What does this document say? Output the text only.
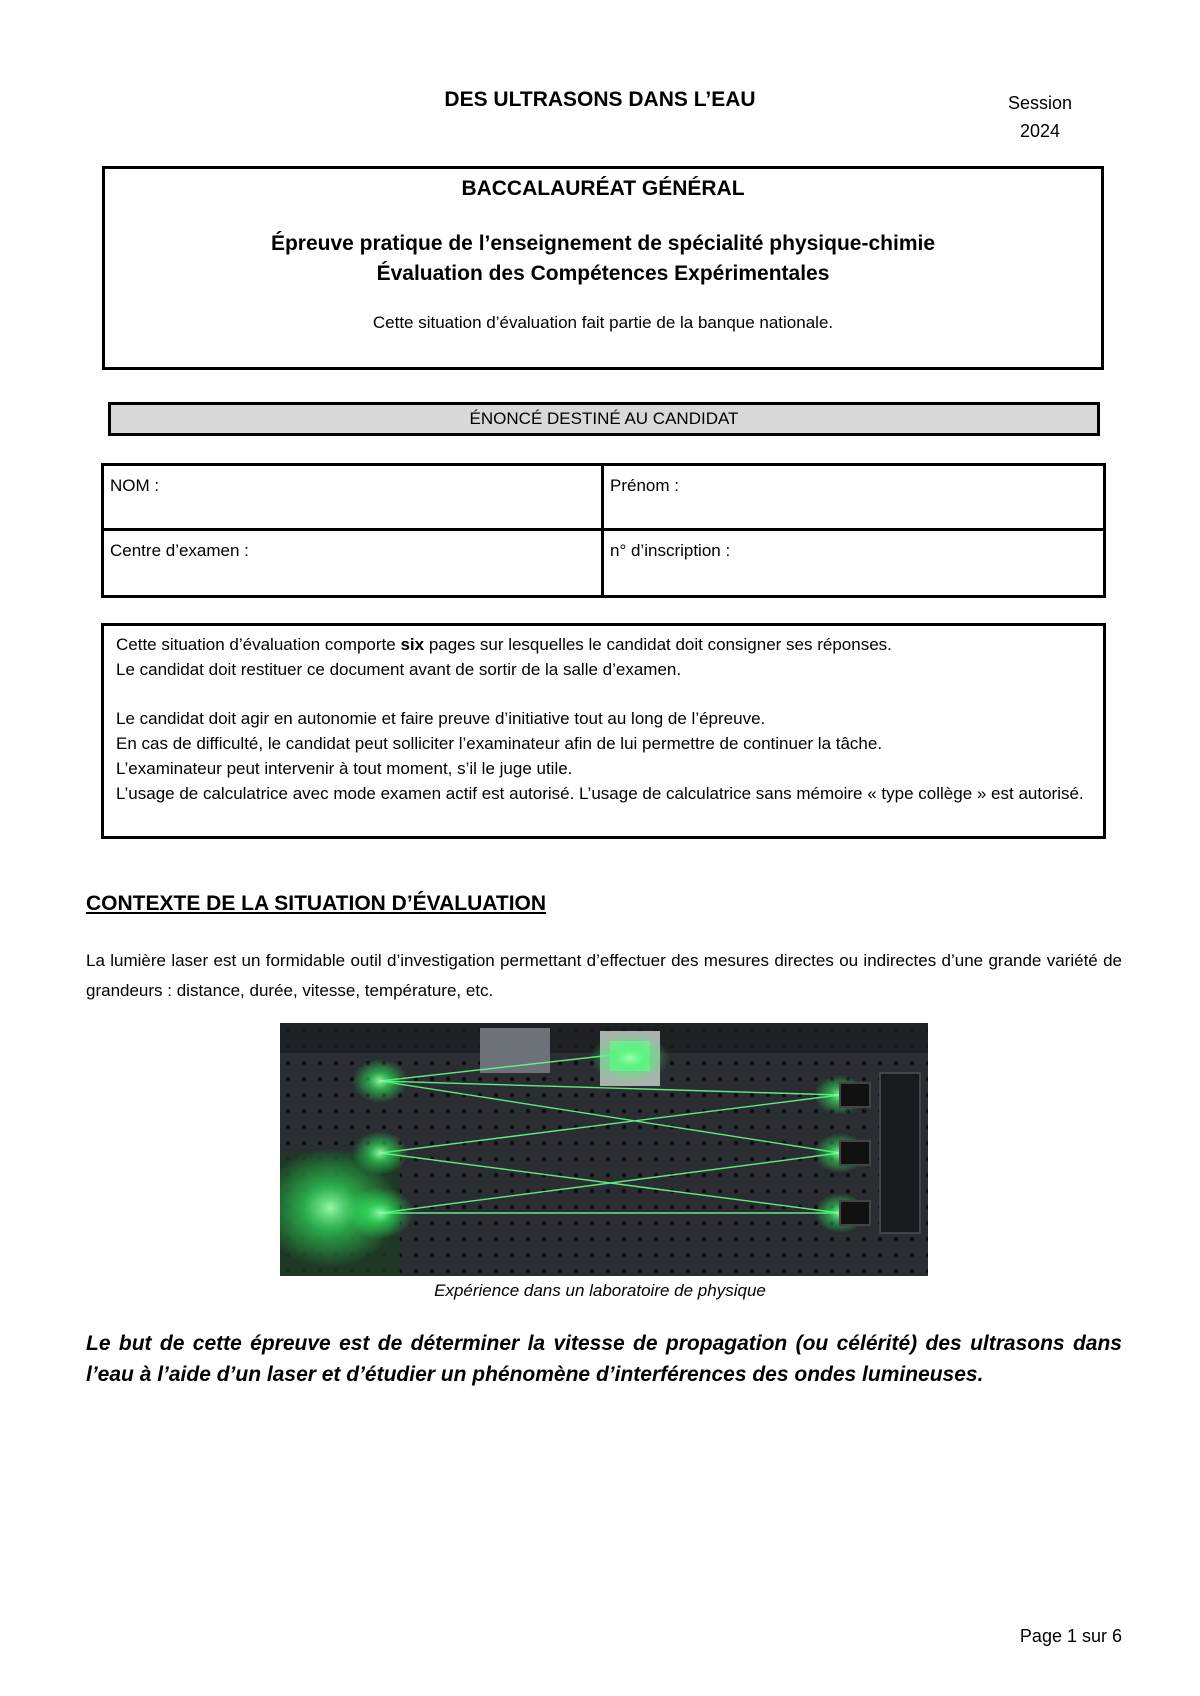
DES ULTRASONS DANS L’EAU	Session
2024
BACCALAURÉAT GÉNÉRAL
Épreuve pratique de l’enseignement de spécialité physique-chimie
Évaluation des Compétences Expérimentales
Cette situation d’évaluation fait partie de la banque nationale.
ÉNONCÉ DESTINÉ AU CANDIDAT
NOM :	Prénom :
Centre d’examen :	n° d’inscription :

Cette situation d’évaluation comporte six pages sur lesquelles le candidat doit consigner ses réponses.

Le candidat doit restituer ce document avant de sortir de la salle d’examen.

Le candidat doit agir en autonomie et faire preuve d’initiative tout au long de l’épreuve.

En cas de difficulté, le candidat peut solliciter l’examinateur afin de lui permettre de continuer la tâche.

L’examinateur peut intervenir à tout moment, s’il le juge utile.

L’usage de calculatrice avec mode examen actif est autorisé. L’usage de calculatrice sans mémoire « type collège » est autorisé.

CONTEXTE DE LA SITUATION D’ÉVALUATION
La lumière laser est un formidable outil d’investigation permettant d’effectuer des mesures directes ou indirectes d’une grande variété de grandeurs : distance, durée, vitesse, température, etc.
Expérience dans un laboratoire de physique
Le but de cette épreuve est de déterminer la vitesse de propagation (ou célérité) des ultrasons dans l’eau à l’aide d’un laser et d’étudier un phénomène d’interférences des ondes lumineuses.
Page 1 sur 6
